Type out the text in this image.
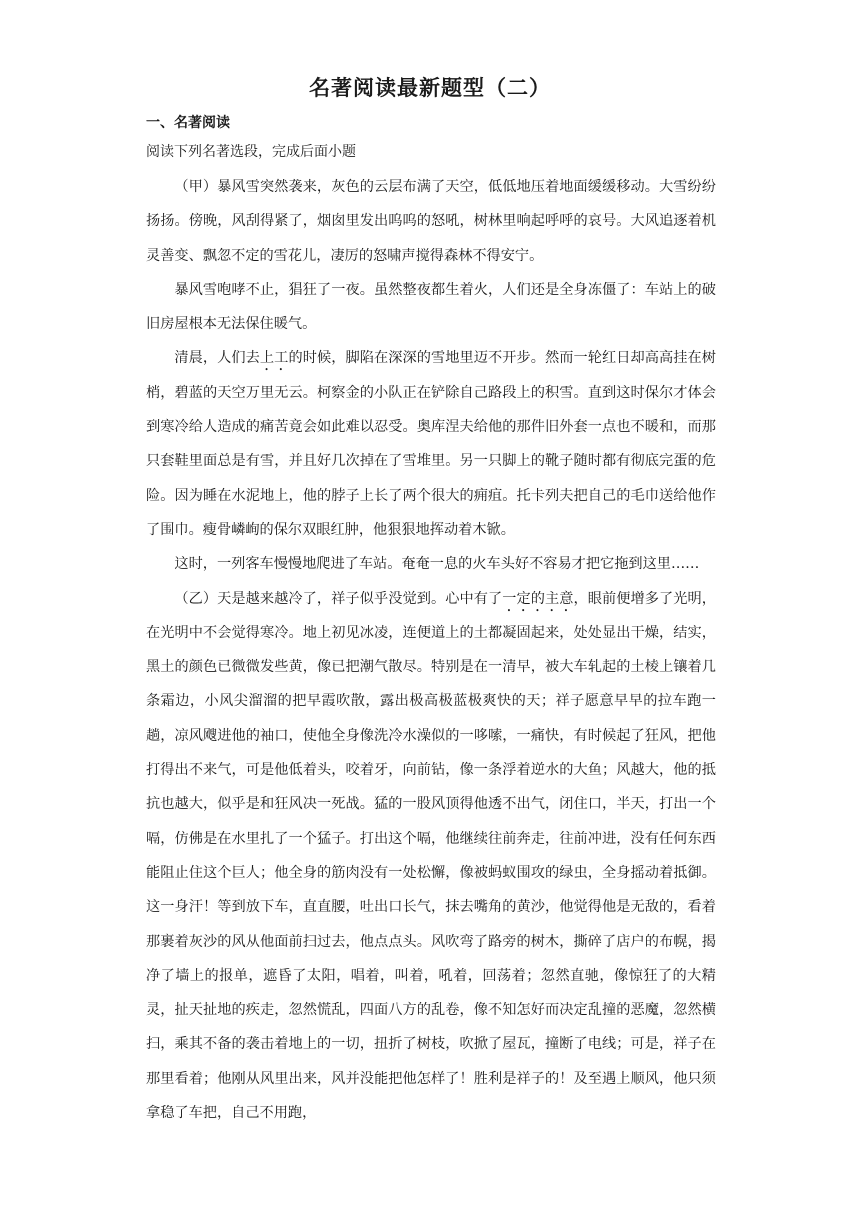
名著阅读最新题型（二）
一、名著阅读
阅读下列名著选段，完成后面小题

（甲）暴风雪突然袭来，灰色的云层布满了天空，低低地压着地面缓缓移动。大雪纷纷扬扬。傍晚，风刮得紧了，烟囱里发出呜呜的怒吼，树林里响起呼呼的哀号。大风追逐着机灵善变、飘忽不定的雪花儿，凄厉的怒啸声搅得森林不得安宁。

暴风雪咆哮不止，猖狂了一夜。虽然整夜都生着火，人们还是全身冻僵了：车站上的破旧房屋根本无法保住暖气。

清晨，人们去上工的时候，脚陷在深深的雪地里迈不开步。然而一轮红日却高高挂在树梢，碧蓝的天空万里无云。柯察金的小队正在铲除自己路段上的积雪。直到这时保尔才体会到寒冷给人造成的痛苦竟会如此难以忍受。奥库涅夫给他的那件旧外套一点也不暖和，而那只套鞋里面总是有雪，并且好几次掉在了雪堆里。另一只脚上的靴子随时都有彻底完蛋的危险。因为睡在水泥地上，他的脖子上长了两个很大的痈疽。托卡列夫把自己的毛巾送给他作了围巾。瘦骨嶙峋的保尔双眼红肿，他狠狠地挥动着木锨。

这时，一列客车慢慢地爬进了车站。奄奄一息的火车头好不容易才把它拖到这里……

（乙）天是越来越冷了，祥子似乎没觉到。心中有了一定的主意，眼前便增多了光明，在光明中不会觉得寒冷。地上初见冰凌，连便道上的土都凝固起来，处处显出干燥，结实，黑土的颜色已微微发些黄，像已把潮气散尽。特别是在一清早，被大车轧起的土棱上镶着几条霜边，小风尖溜溜的把早霞吹散，露出极高极蓝极爽快的天；祥子愿意早早的拉车跑一趟，凉风飕进他的袖口，使他全身像洗冷水澡似的一哆嗦，一痛快，有时候起了狂风，把他打得出不来气，可是他低着头，咬着牙，向前钻，像一条浮着逆水的大鱼；风越大，他的抵抗也越大，似乎是和狂风决一死战。猛的一股风顶得他透不出气，闭住口，半天，打出一个嗝，仿佛是在水里扎了一个猛子。打出这个嗝，他继续往前奔走，往前冲进，没有任何东西能阻止住这个巨人；他全身的筋肉没有一处松懈，像被蚂蚁围攻的绿虫，全身摇动着抵御。这一身汗！等到放下车，直直腰，吐出口长气，抹去嘴角的黄沙，他觉得他是无敌的，看着那裹着灰沙的风从他面前扫过去，他点点头。风吹弯了路旁的树木，撕碎了店户的布幌，揭净了墙上的报单，遮昏了太阳，唱着，叫着，吼着，回荡着；忽然直驰，像惊狂了的大精灵，扯天扯地的疾走，忽然慌乱，四面八方的乱卷，像不知怎好而决定乱撞的恶魔，忽然横扫，乘其不备的袭击着地上的一切，扭折了树枝，吹掀了屋瓦，撞断了电线；可是，祥子在那里看着；他刚从风里出来，风并没能把他怎样了！胜利是祥子的！及至遇上顺风，他只须拿稳了车把，自己不用跑，
